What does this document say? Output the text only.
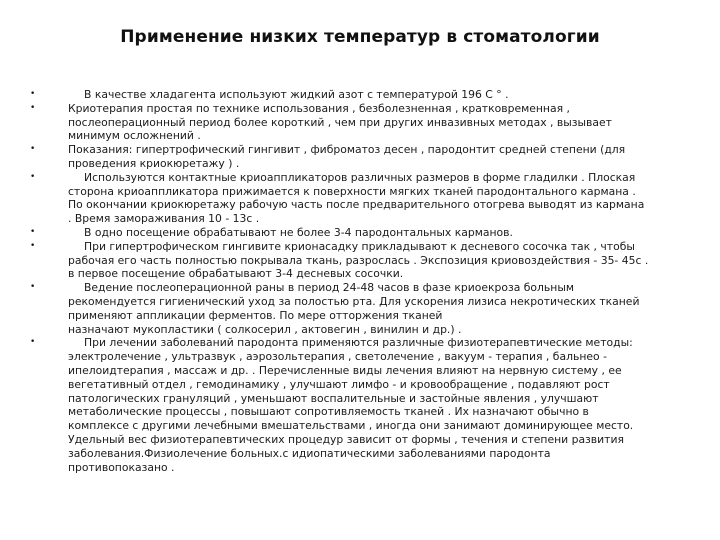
Применение низких температур в стоматологии
•	В качестве хладагента используют жидкий азот с температурой 196 С ° .
•	Криотерапия простая по технике использования , безболезненная , кратковременная ,
послеоперационный период более короткий , чем при других инвазивных методах , вызывает
минимум осложнений .
•	Показания: гипертрофический гингивит , фиброматоз десен , пародонтит средней степени (для
проведения криокюретажу ) .
•	Используются контактные криоаппликаторов различных размеров в форме гладилки . Плоская
сторона криоаппликатора прижимается к поверхности мягких тканей пародонтального кармана .
По окончании криокюретажу рабочую часть после предварительного отогрева выводят из кармана
. Время замораживания 10 - 13с .
•	В одно посещение обрабатывают не более 3-4 пародонтальных карманов.
•	При гипертрофическом гингивите крионасадку прикладывают к десневого сосочка так , чтобы
рабочая его часть полностью покрывала ткань, разрослась . Экспозиция криовоздействия - 35- 45с .
в первое посещение обрабатывают 3-4 десневых сосочки.
•	Ведение послеоперационной раны в период 24-48 часов в фазе криоекроза больным
рекомендуется гигиенический уход за полостью рта. Для ускорения лизиса некротических тканей
применяют аппликации ферментов. По мере отторжения тканей
назначают мукопластики ( солкосерил , актовегин , винилин и др.) .
•	При лечении заболеваний пародонта применяются различные физиотерапевтические методы:
электролечение , ультразвук , аэрозольтерапия , светолечение , вакуум - терапия , бальнео -
ипелоидтерапия , массаж и др. . Перечисленные виды лечения влияют на нервную систему , ее
вегетативный отдел , гемодинамику , улучшают лимфо - и кровообращение , подавляют рост
патологических грануляций , уменьшают воспалительные и застойные явления , улучшают
метаболические процессы , повышают сопротивляемость тканей . Их назначают обычно в
комплексе с другими лечебными вмешательствами , иногда они занимают доминирующее место.
Удельный вес физиотерапевтических процедур зависит от формы , течения и степени развития
заболевания.Физиолечение больных.с идиопатическими заболеваниями пародонта
противопоказано .
